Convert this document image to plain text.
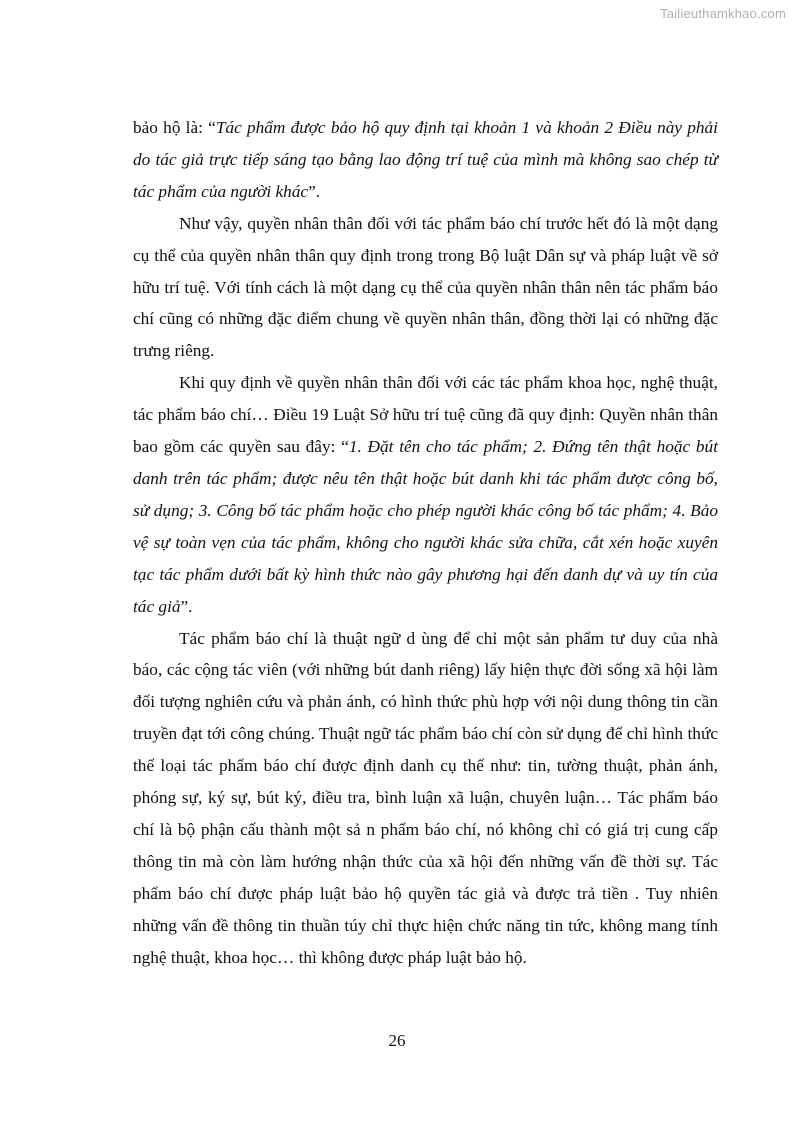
Tailieuthamkhao.com

bảo hộ là: “Tác phẩm được bảo hộ quy định tại khoản 1 và khoản 2 Điều này phải do tác giả trực tiếp sáng tạo bằng lao động trí tuệ của mình mà không sao chép từ tác phẩm của người khác”.

Như vậy, quyền nhân thân đối với tác phẩm báo chí trước hết đó là một dạng cụ thể của quyền nhân thân quy định trong trong Bộ luật Dân sự và pháp luật về sở hữu trí tuệ. Với tính cách là một dạng cụ thể của quyền nhân thân nên tác phẩm báo chí cũng có những đặc điểm chung về quyền nhân thân, đồng thời lại có những đặc trưng riêng.

Khi quy định về quyền nhân thân đối với các tác phẩm khoa học, nghệ thuật, tác phẩm báo chí… Điều 19 Luật Sở hữu trí tuệ cũng đã quy định: Quyền nhân thân bao gồm các quyền sau đây: “1. Đặt tên cho tác phẩm; 2. Đứng tên thật hoặc bút danh trên tác phẩm; được nêu tên thật hoặc bút danh khi tác phẩm được công bố, sử dụng; 3. Công bố tác phẩm hoặc cho phép người khác công bố tác phẩm; 4. Bảo vệ sự toàn vẹn của tác phẩm, không cho người khác sửa chữa, cắt xén hoặc xuyên tạc tác phẩm dưới bất kỳ hình thức nào gây phương hại đến danh dự và uy tín của tác giả”.

Tác phẩm báo chí là thuật ngữ d ùng để chỉ một sản phẩm tư duy của nhà báo, các cộng tác viên (với những bút danh riêng) lấy hiện thực đời sống xã hội làm đối tượng nghiên cứu và phản ánh, có hình thức phù hợp với nội dung thông tin cần truyền đạt tới công chúng. Thuật ngữ tác phẩm báo chí còn sử dụng để chỉ hình thức thể loại tác phẩm báo chí được định danh cụ thể như: tin, tường thuật, phản ánh, phóng sự, ký sự, bút ký, điều tra, bình luận xã luận, chuyên luận… Tác phẩm báo chí là bộ phận cấu thành một sả n phẩm báo chí, nó không chỉ có giá trị cung cấp thông tin mà còn làm hướng nhận thức của xã hội đến những vấn đề thời sự. Tác phẩm báo chí được pháp luật bảo hộ quyền tác giả và được trả tiền . Tuy nhiên những vấn đề thông tin thuần túy chỉ thực hiện chức năng tin tức, không mang tính nghệ thuật, khoa học… thì không được pháp luật bảo hộ.

26
